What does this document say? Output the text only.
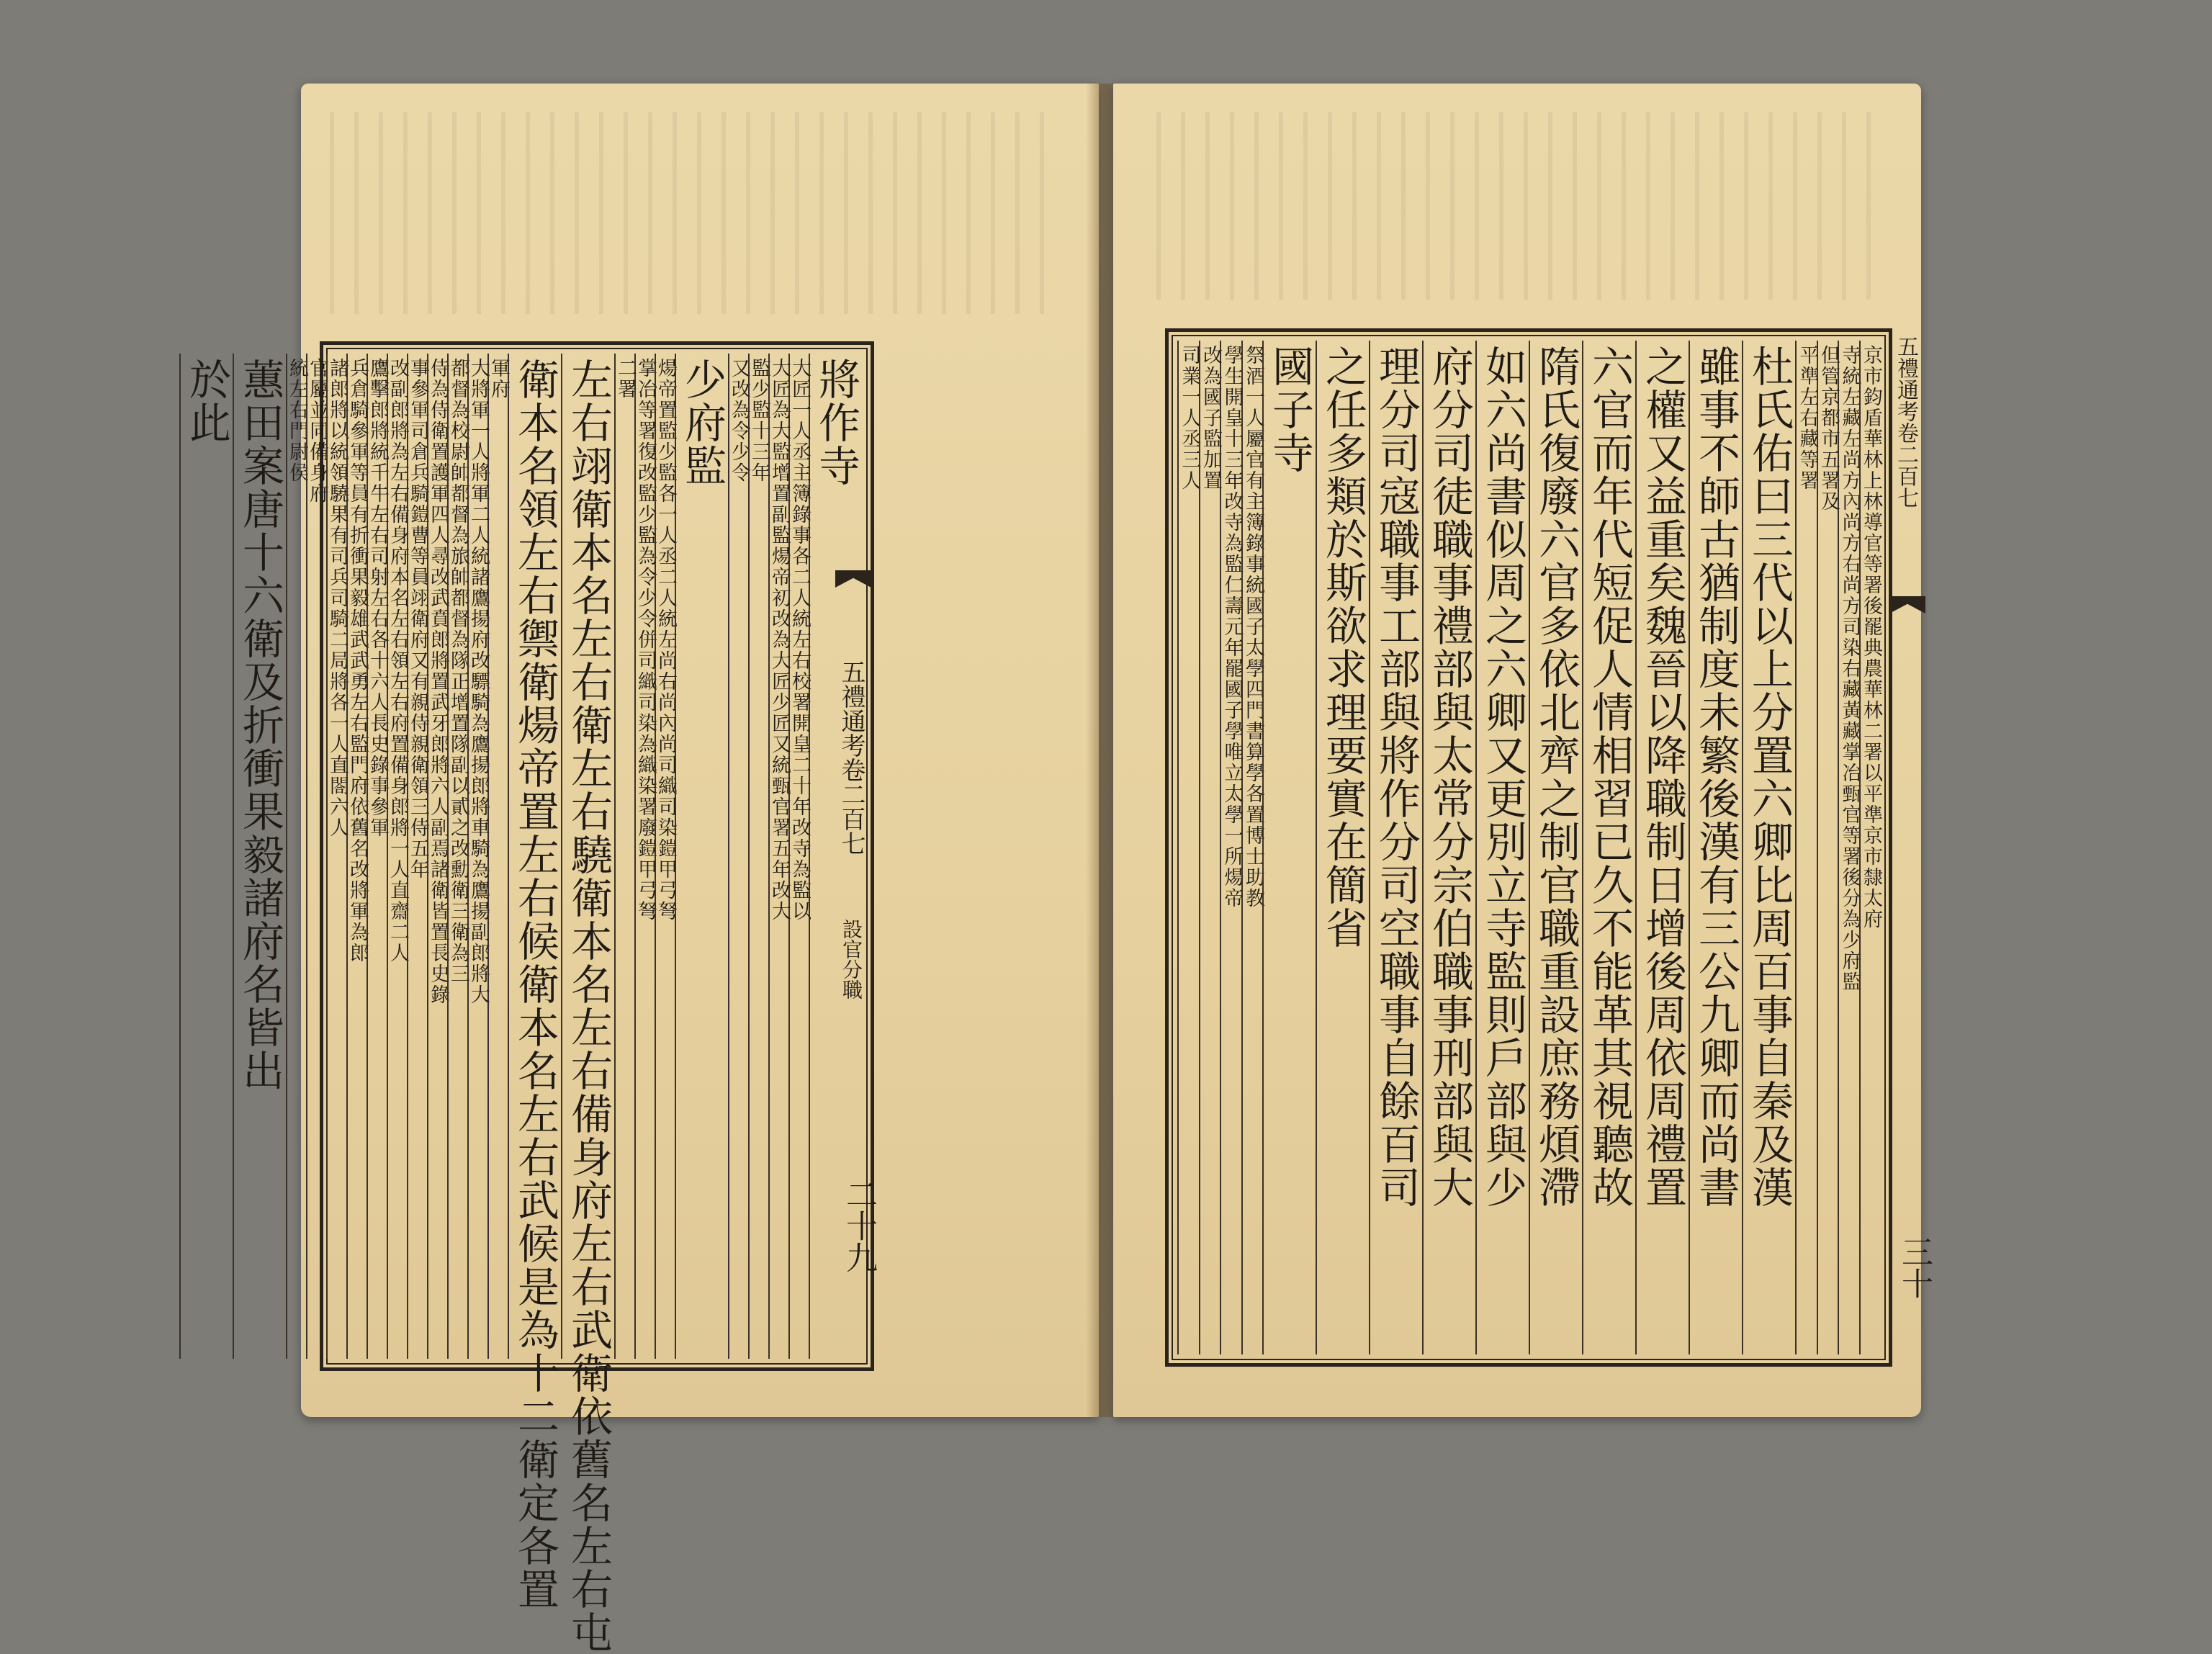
將作寺
大匠一人丞主簿錄事各二人統左右校署開皇二十年改寺為監以
大匠為大監增置副監煬帝初改為大匠少匠又統甄官署五年改大
監少監十三年
又改為令少令
少府監
煬帝置監少監各一人丞二人統左尚右尚內尚司織司染鎧甲弓弩
掌冶等署復改監少監為令少令併司織司染為織染署廢鎧甲弓弩
二署
左右翊衛本名左右衛左右驍衛本名左右備身府左右武衛依舊名左右屯
衛本名領左右禦衛煬帝置左右候衛本名左右武候是為十二衛定各置
軍府
大將軍一人將軍二人統諸鷹揚府改驃騎為鷹揚郎將車騎為鷹揚副郎將大
都督為校尉帥都督為旅帥都督為隊正增置隊副以貳之改勳衛三衛為三
侍為侍衛置護軍四人尋改武賁郎將置武牙郎將六人副焉諸衛皆置長史錄
事參軍司倉兵騎鎧曹等員翊衛府又有親侍親衛領三侍五年
改副郎將為左右備身府本名左右領左右府置備身郎將一人直齋二人
鷹擊郎將統千牛左右司射左右各十六人長史錄事參軍
兵倉騎參軍等員有折衝果毅雄武武勇左右監門府依舊名改將軍為郎
諸郎將以統領驍果有司兵司騎二局將各一人直閤六人
官屬並同備身府
統左右門尉侯
蕙田案唐十六衛及折衝果毅諸府名皆出
於此
五禮通考卷二百七
設官分職
二十九
京市鈞盾華林上林導官等署後罷典農華林二署以平準京市隸太府
寺統左藏左尚方內尚方右尚方司染右藏黃藏掌冶甄官等署後分為少府監
但管京都市五署及
平準左右藏等署
杜氏佑曰三代以上分置六卿比周百事自秦及漢
雖事不師古猶制度未繁後漢有三公九卿而尚書
之權又益重矣魏晉以降職制日增後周依周禮置
六官而年代短促人情相習已久不能革其視聽故
隋氏復廢六官多依北齊之制官職重設庶務煩滯
如六尚書似周之六卿又更別立寺監則戶部與少
府分司徒職事禮部與太常分宗伯職事刑部與大
理分司寇職事工部與將作分司空職事自餘百司
之任多類於斯欲求理要實在簡省
國子寺
祭酒一人屬官有主簿錄事統國子太學四門書算學各置博士助教
學生開皇十三年改寺為監仁壽元年罷國子學唯立太學一所煬帝
改為國子監加置
司業一人丞三人	五禮通考卷二百七
三十
